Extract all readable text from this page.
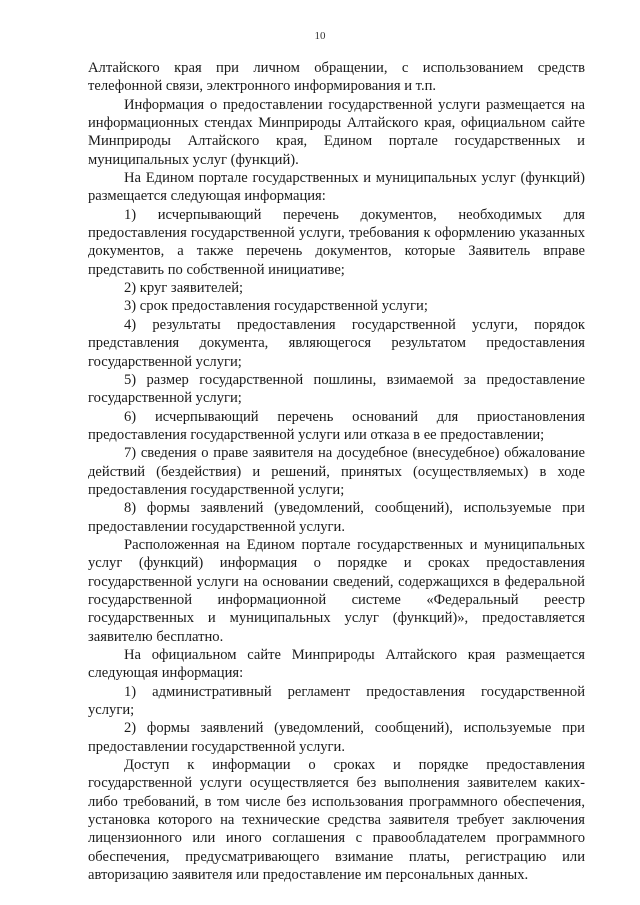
10

Алтайского края при личном обращении, с использованием средств телефонной связи, электронного информирования и т.п.

Информация о предоставлении государственной услуги размещается на информационных стендах Минприроды Алтайского края, официальном сайте Минприроды Алтайского края, Едином портале государственных и муниципальных услуг (функций).

На Едином портале государственных и муниципальных услуг (функций) размещается следующая информация:

1) исчерпывающий перечень документов, необходимых для предоставления государственной услуги, требования к оформлению указанных документов, а также перечень документов, которые Заявитель вправе представить по собственной инициативе;

2) круг заявителей;

3) срок предоставления государственной услуги;

4) результаты предоставления государственной услуги, порядок представления документа, являющегося результатом предоставления государственной услуги;

5) размер государственной пошлины, взимаемой за предоставление государственной услуги;

6) исчерпывающий перечень оснований для приостановления предоставления государственной услуги или отказа в ее предоставлении;

7) сведения о праве заявителя на досудебное (внесудебное) обжалование действий (бездействия) и решений, принятых (осуществляемых) в ходе предоставления государственной услуги;

8) формы заявлений (уведомлений, сообщений), используемые при предоставлении государственной услуги.

Расположенная на Едином портале государственных и муниципальных услуг (функций) информация о порядке и сроках предоставления государственной услуги на основании сведений, содержащихся в федеральной государственной информационной системе «Федеральный реестр государственных и муниципальных услуг (функций)», предоставляется заявителю бесплатно.

На официальном сайте Минприроды Алтайского края размещается следующая информация:

1) административный регламент предоставления государственной услуги;

2) формы заявлений (уведомлений, сообщений), используемые при предоставлении государственной услуги.

Доступ к информации о сроках и порядке предоставления государственной услуги осуществляется без выполнения заявителем каких-либо требований, в том числе без использования программного обеспечения, установка которого на технические средства заявителя требует заключения лицензионного или иного соглашения с правообладателем программного обеспечения, предусматривающего взимание платы, регистрацию или авторизацию заявителя или предоставление им персональных данных.
